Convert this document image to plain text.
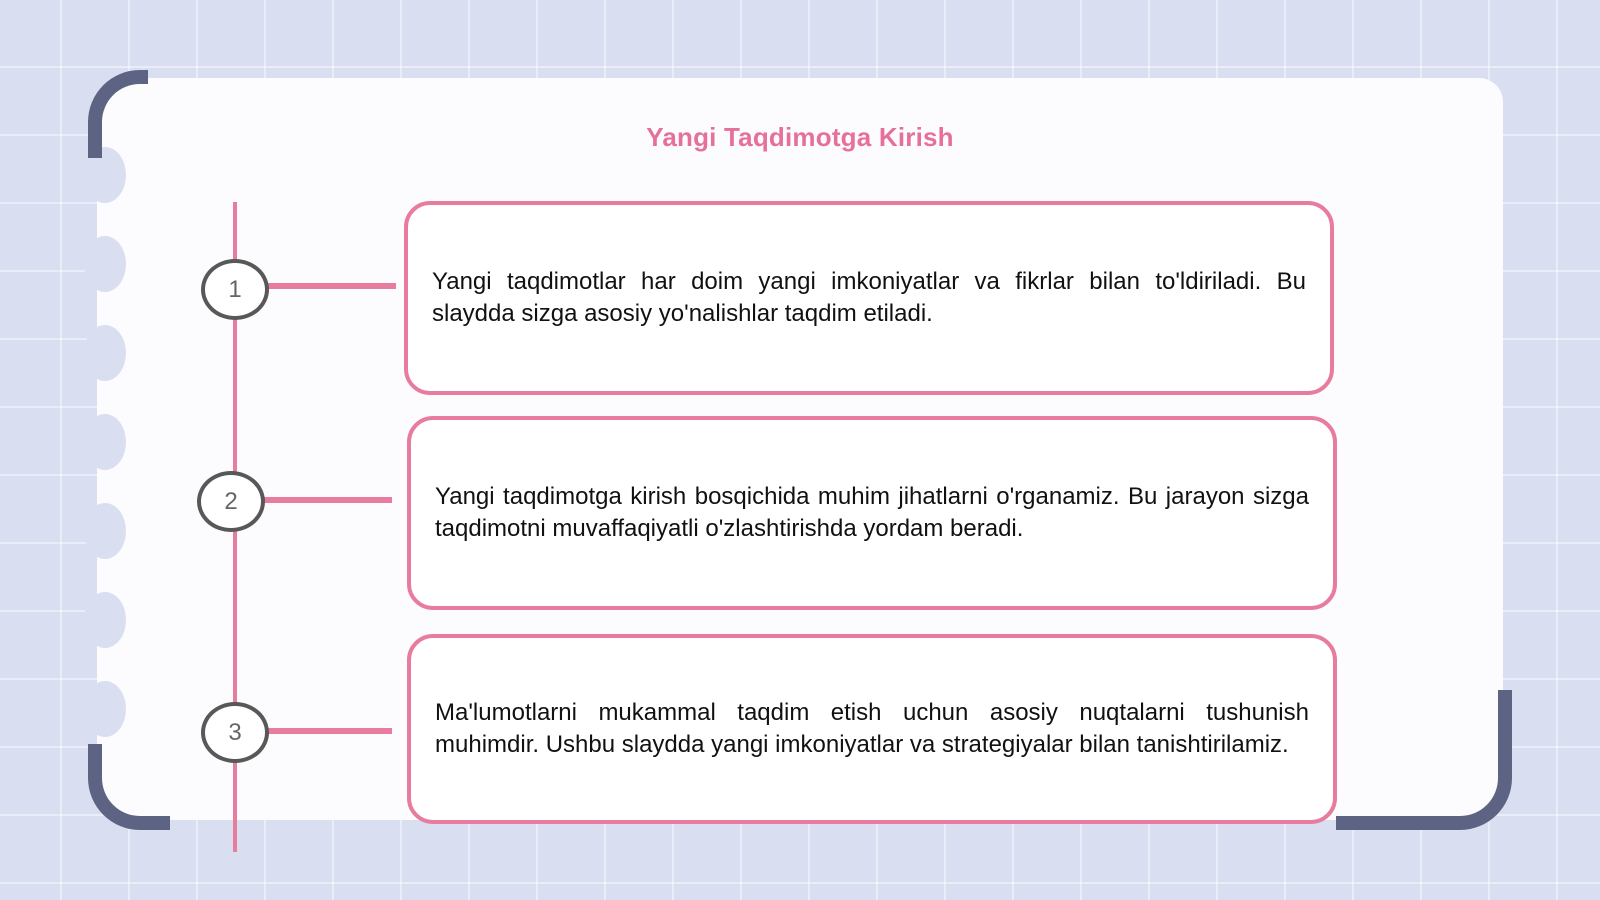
Yangi Taqdimotga Kirish
1	Yangi taqdimotlar har doim yangi imkoniyatlar va fikrlar bilan to'ldiriladi. Bu slaydda sizga asosiy yo'nalishlar taqdim etiladi.
2	Yangi taqdimotga kirish bosqichida muhim jihatlarni o'rganamiz. Bu jarayon sizga taqdimotni muvaffaqiyatli o'zlashtirishda yordam beradi.
3
Ma'lumotlarni mukammal taqdim etish uchun asosiy nuqtalarni tushunish muhimdir. Ushbu slaydda yangi imkoniyatlar va strategiyalar bilan tanishtirilamiz.
